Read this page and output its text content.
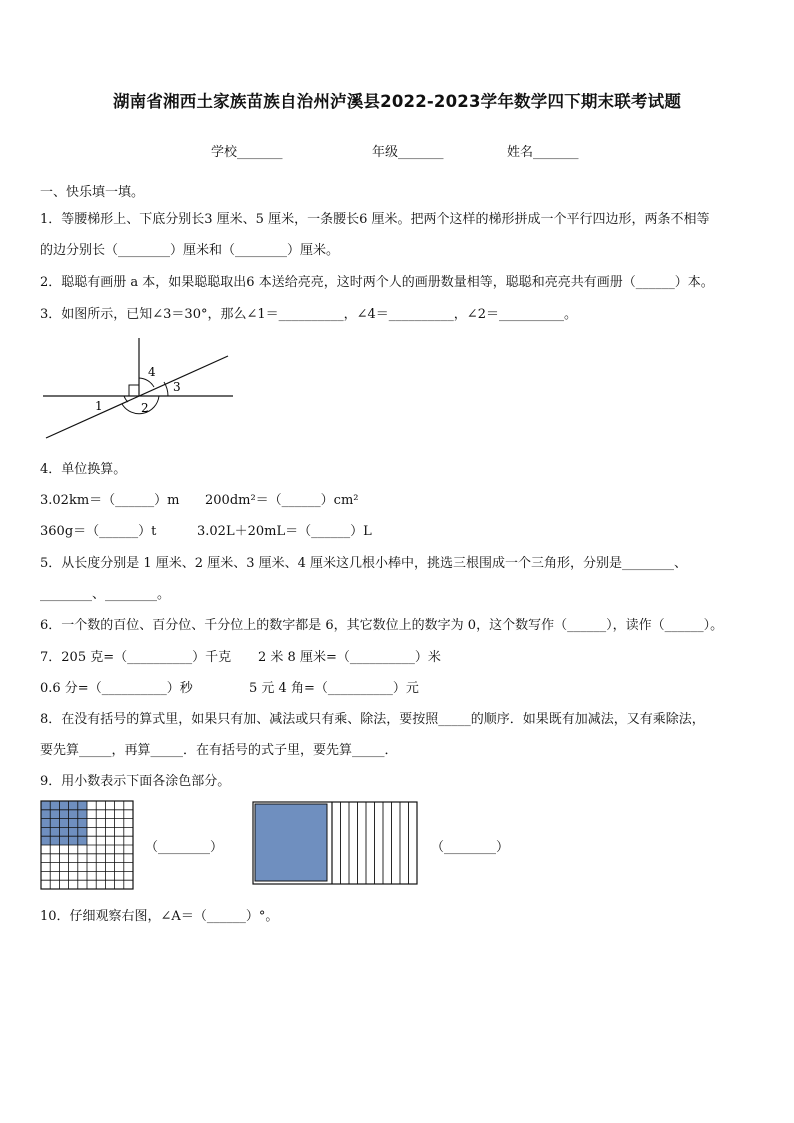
湖南省湘西土家族苗族自治州泸溪县2022-2023学年数学四下期末联考试题
学校_______	年级_______	姓名_______
一、快乐填一填。
1．等腰梯形上、下底分别长3 厘米、5 厘米，一条腰长6 厘米。把两个这样的梯形拼成一个平行四边形，两条不相等
的边分别长（________）厘米和（________）厘米。
2．聪聪有画册 a 本，如果聪聪取出6 本送给亮亮，这时两个人的画册数量相等，聪聪和亮亮共有画册（______）本。
3．如图所示，已知∠3＝30°，那么∠1＝__________，∠4＝__________，∠2＝__________。
1	2
3
4
4．单位换算。
3.02km＝（______）m 200dm²＝（______）cm²
360g＝（______）t	3.02L＋20mL＝（______）L
5．从长度分别是 1 厘米、2 厘米、3 厘米、4 厘米这几根小棒中，挑选三根围成一个三角形，分别是________、
________、________。
6．一个数的百位、百分位、千分位上的数字都是 6，其它数位上的数字为 0，这个数写作（______），读作（______）。
7．205 克=（__________）千克 2 米 8 厘米=（__________）米
0.6 分=（__________）秒	5 元 4 角=（__________）元
8．在没有括号的算式里，如果只有加、减法或只有乘、除法，要按照_____的顺序．如果既有加减法，又有乘除法，
要先算_____，再算_____．在有括号的式子里，要先算_____．
9．用小数表示下面各涂色部分。
（________）	（________）
10．仔细观察右图，∠A＝（______）°。
